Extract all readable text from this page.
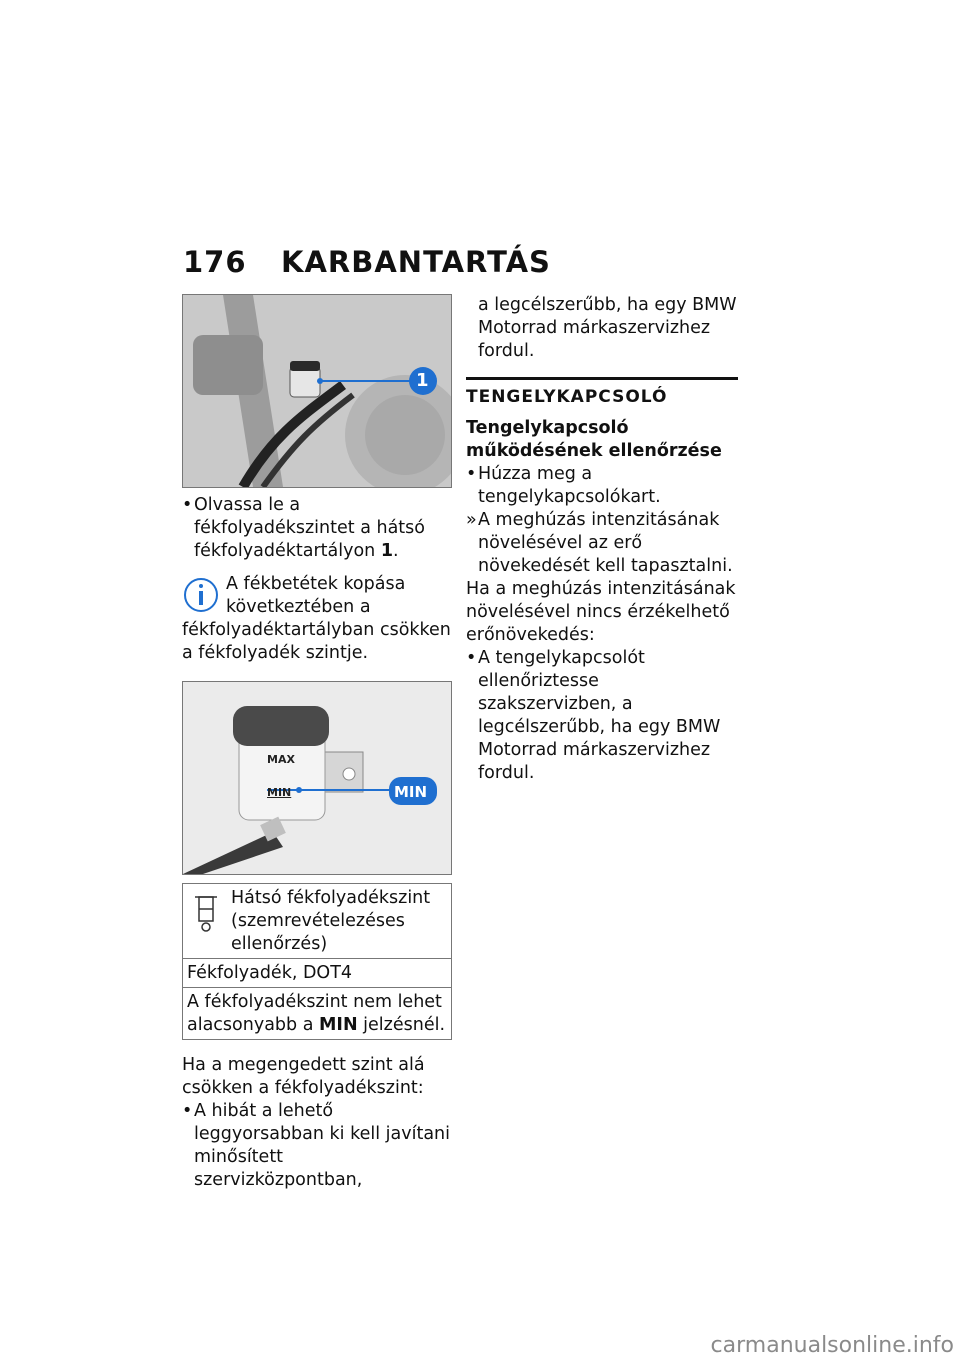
176 KARBANTARTÁS
1
• Olvassa le a fékfolyadékszintet a hátsó fékfolyadéktartályon 1.
A fékbetétek kopása következtében a fékfolyadéktartályban csökken a fékfolyadék szintje.
MAX
MIN	MIN
Hátsó fékfolyadékszint (szemrevételezéses ellenőrzés)
Fékfolyadék, DOT4
A fékfolyadékszint nem lehet alacsonyabb a MIN jelzésnél.
Ha a megengedett szint alá csökken a fékfolyadékszint:
• A hibát a lehető leggyorsabban ki kell javítani minősített szervizközpontban,
a legcélszerűbb, ha egy BMW Motorrad márkaszervizhez fordul.
TENGELYKAPCSOLÓ
Tengelykapcsoló működésének ellenőrzése
• Húzza meg a tengelykapcsolókart.
» A meghúzás intenzitásának növelésével az erő növekedését kell tapasztalni.
Ha a meghúzás intenzitásának növelésével nincs érzékelhető erőnövekedés:
• A tengelykapcsolót ellenőriztesse szakszervizben, a legcélszerűbb, ha egy BMW Motorrad márkaszervizhez fordul.
carmanualsonline.info
